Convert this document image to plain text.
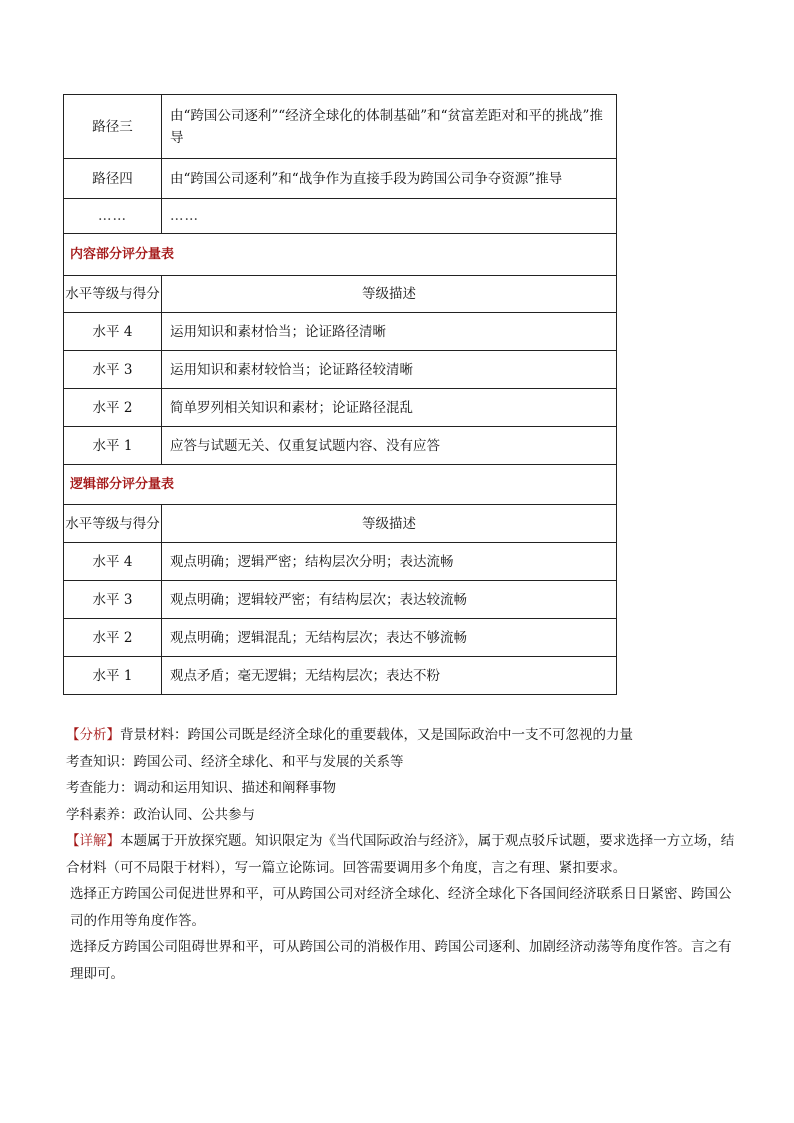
路径三	由“跨国公司逐利”“经济全球化的体制基础”和“贫富差距对和平的挑战”推导
路径四	由“跨国公司逐利”和“战争作为直接手段为跨国公司争夺资源”推导
……	……
内容部分评分量表	
水平等级与得分	等级描述
水平 4	运用知识和素材恰当；论证路径清晰
水平 3	运用知识和素材较恰当；论证路径较清晰
水平 2	简单罗列相关知识和素材；论证路径混乱
水平 1	应答与试题无关、仅重复试题内容、没有应答
逻辑部分评分量表	
水平等级与得分	等级描述
水平 4	观点明确；逻辑严密；结构层次分明；表达流畅
水平 3	观点明确；逻辑较严密；有结构层次；表达较流畅
水平 2	观点明确；逻辑混乱；无结构层次；表达不够流畅
水平 1	观点矛盾；毫无逻辑；无结构层次；表达不粉

【分析】背景材料：跨国公司既是经济全球化的重要载体，又是国际政治中一支不可忽视的力量

考查知识：跨国公司、经济全球化、和平与发展的关系等

考查能力：调动和运用知识、描述和阐释事物

学科素养：政治认同、公共参与

【详解】本题属于开放探究题。知识限定为《当代国际政治与经济》，属于观点驳斥试题，要求选择一方立场，结合材料（可不局限于材料），写一篇立论陈词。回答需要调用多个角度，言之有理、紧扣要求。

选择正方跨国公司促进世界和平，可从跨国公司对经济全球化、经济全球化下各国间经济联系日日紧密、跨国公司的作用等角度作答。

选择反方跨国公司阻碍世界和平，可从跨国公司的消极作用、跨国公司逐利、加剧经济动荡等角度作答。言之有理即可。
